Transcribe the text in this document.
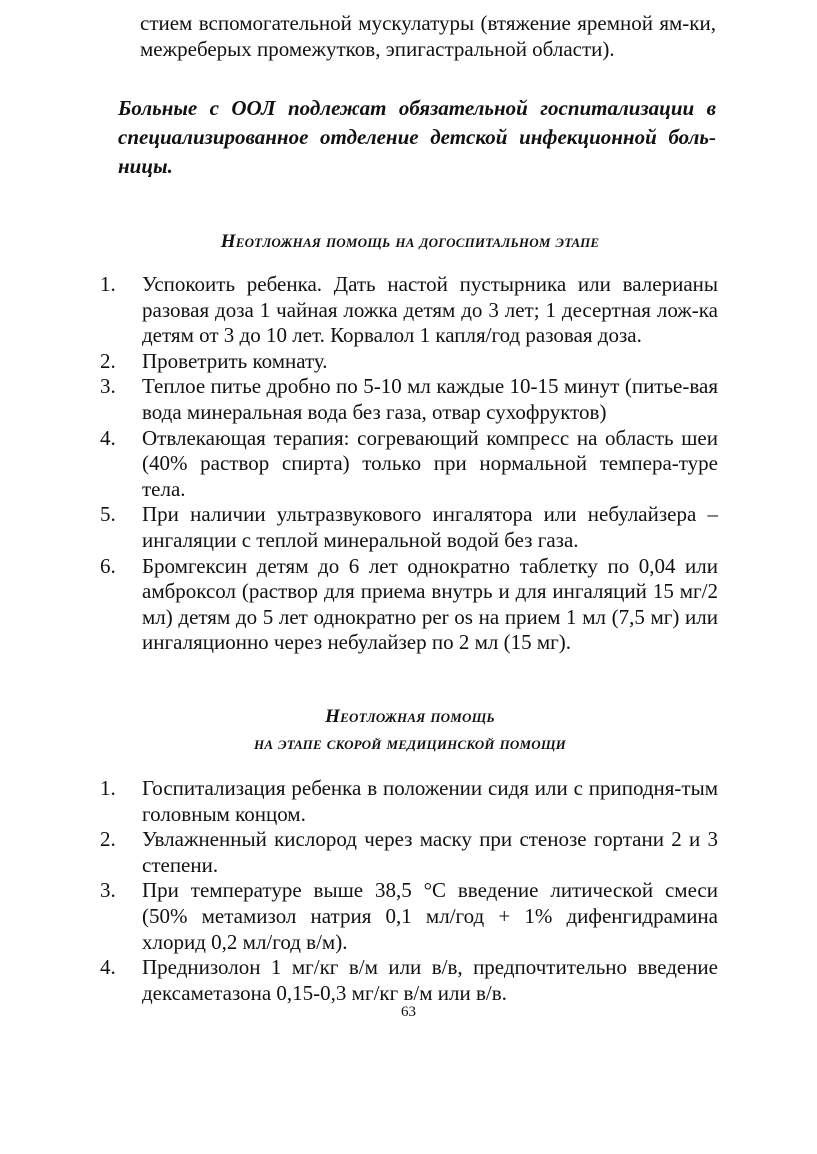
стием вспомогательной мускулатуры (втяжение яремной ям-ки, межреберых промежутков, эпигастральной области).

Больные с ООЛ подлежат обязательной госпитализации в специализированное отделение детской инфекционной боль-ницы.

Неотложная помощь на догоспитальном этапе
1.	Успокоить ребенка. Дать настой пустырника или валерианы разовая доза 1 чайная ложка детям до 3 лет; 1 десертная лож-ка детям от 3 до 10 лет. Корвалол 1 капля/год разовая доза.
2.	Проветрить комнату.
3.	Теплое питье дробно по 5-10 мл каждые 10-15 минут (питье-вая вода минеральная вода без газа, отвар сухофруктов)
4.	Отвлекающая терапия: согревающий компресс на область шеи (40% раствор спирта) только при нормальной темпера-туре тела.
5.	При наличии ультразвукового ингалятора или небулайзера – ингаляции с теплой минеральной водой без газа.
6.	Бромгексин детям до 6 лет однократно таблетку по 0,04 или амброксол (раствор для приема внутрь и для ингаляций 15 мг/2 мл) детям до 5 лет однократно per os на прием 1 мл (7,5 мг) или ингаляционно через небулайзер по 2 мл (15 мг).
Неотложная помощь
на этапе скорой медицинской помощи
1.	Госпитализация ребенка в положении сидя или с приподня-тым головным концом.
2.	Увлажненный кислород через маску при стенозе гортани 2 и 3 степени.
3.	При температуре выше 38,5 °С введение литической смеси (50% метамизол натрия 0,1 мл/год + 1% дифенгидрамина хлорид 0,2 мл/год в/м).
4.	Преднизолон 1 мг/кг в/м или в/в, предпочтительно введение дексаметазона 0,15-0,3 мг/кг в/м или в/в.
63
